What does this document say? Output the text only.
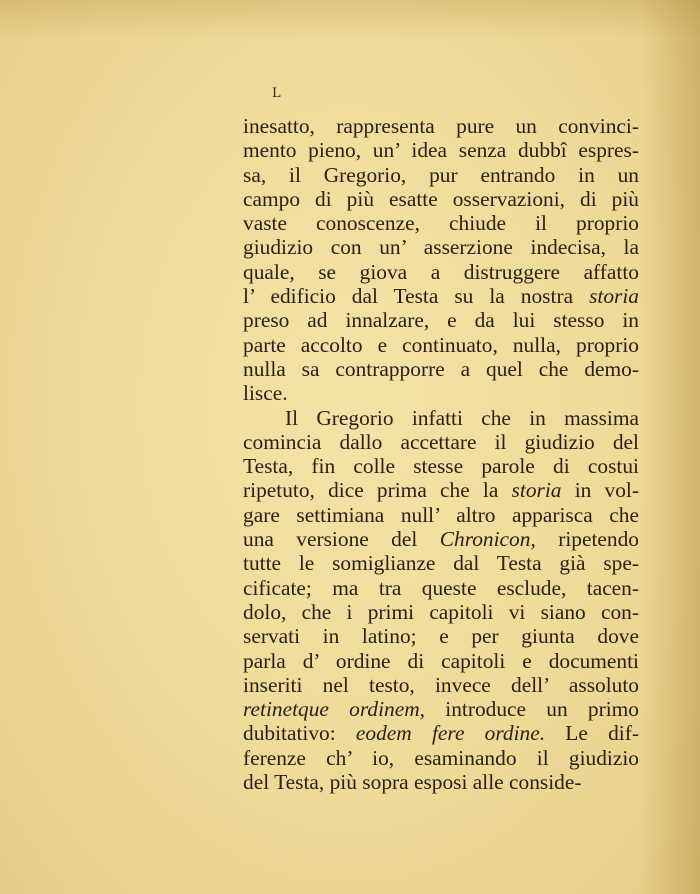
L
inesatto, rappresenta pure un convinci-
mento pieno, un’ idea senza dubbî espres-
sa, il Gregorio, pur entrando in un
campo di più esatte osservazioni, di più
vaste conoscenze, chiude il proprio
giudizio con un’ asserzione indecisa, la
quale, se giova a distruggere affatto
l’ edificio dal Testa su la nostra storia
preso ad innalzare, e da lui stesso in
parte accolto e continuato, nulla, proprio
nulla sa contrapporre a quel che demo-
lisce.
Il Gregorio infatti che in massima
comincia dallo accettare il giudizio del
Testa, fin colle stesse parole di costui
ripetuto, dice prima che la storia in vol-
gare settimiana null’ altro apparisca che
una versione del Chronicon, ripetendo
tutte le somiglianze dal Testa già spe-
cificate; ma tra queste esclude, tacen-
dolo, che i primi capitoli vi siano con-
servati in latino; e per giunta dove
parla d’ ordine di capitoli e documenti
inseriti nel testo, invece dell’ assoluto
retinetque ordinem, introduce un primo
dubitativo: eodem fere ordine. Le dif-
ferenze ch’ io, esaminando il giudizio
del Testa, più sopra esposi alle conside-
